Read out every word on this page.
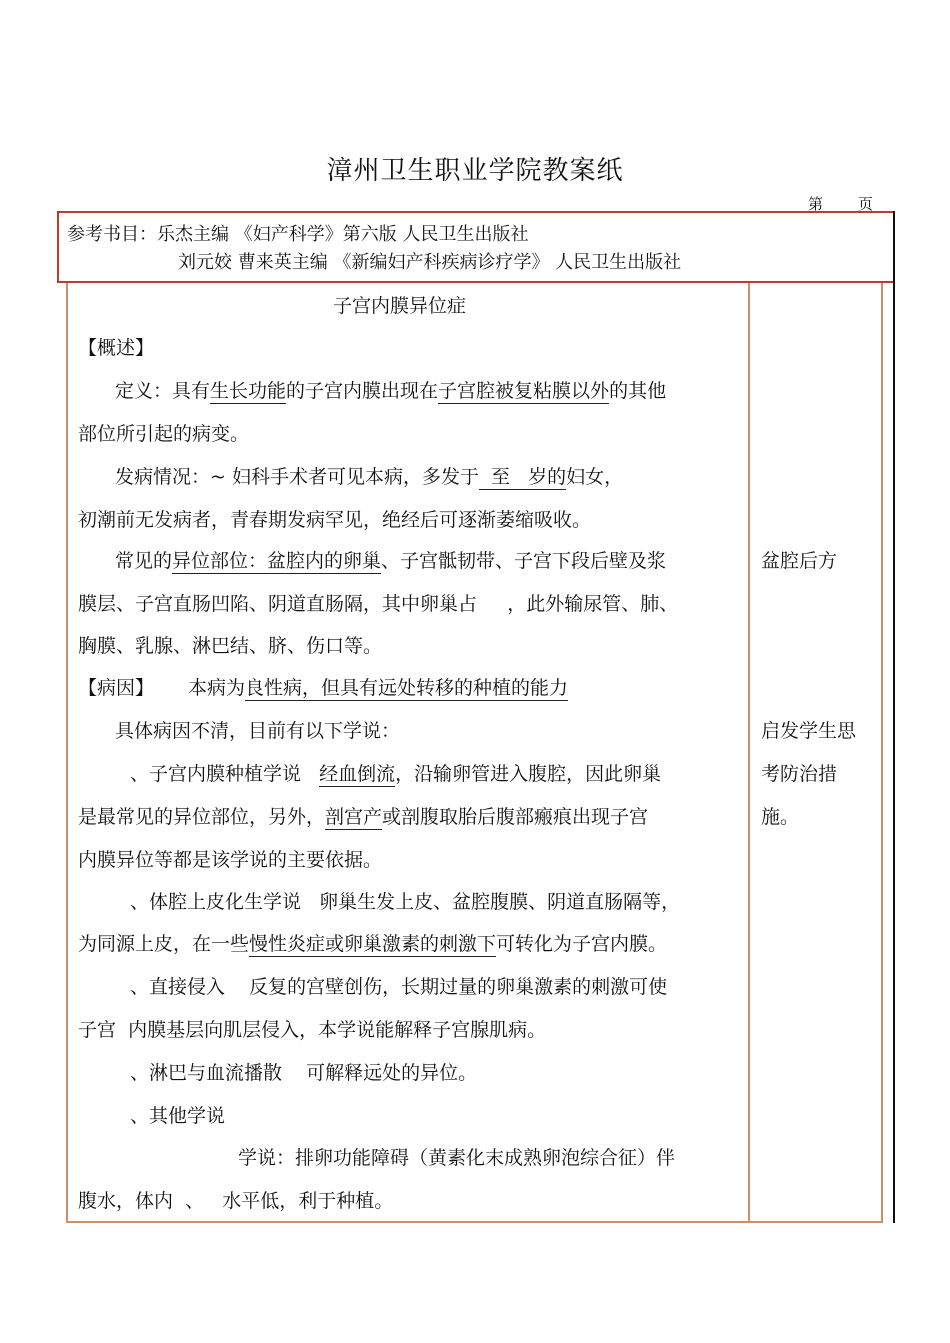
漳州卫生职业学院教案纸
第 页
参考书目：乐杰主编 《妇产科学》第六版 人民卫生出版社
刘元姣 曹来英主编 《新编妇产科疾病诊疗学》 人民卫生出版社
子宫内膜异位症
【概述】
定义：具有生长功能的子宫内膜出现在子宫腔被复粘膜以外的其他
部位所引起的病变。
发病情况：~ 妇科手术者可见本病，多发于  至   岁的妇女，
初潮前无发病者，青春期发病罕见，绝经后可逐渐萎缩吸收。
常见的异位部位：盆腔内的卵巢、子宫骶韧带、子宫下段后壁及浆
膜层、子宫直肠凹陷、阴道直肠隔，其中卵巢占     ，此外输尿管、肺、
胸膜、乳腺、淋巴结、脐、伤口等。
【病因】 本病为良性病，但具有远处转移的种植的能力
具体病因不清，目前有以下学说：
、子宫内膜种植学说   经血倒流，沿输卵管进入腹腔，因此卵巢
是最常见的异位部位，另外，剖宫产或剖腹取胎后腹部瘢痕出现子宫
内膜异位等都是该学说的主要依据。
、体腔上皮化生学说   卵巢生发上皮、盆腔腹膜、阴道直肠隔等，
为同源上皮，在一些慢性炎症或卵巢激素的刺激下可转化为子宫内膜。
、直接侵入    反复的宫壁创伤，长期过量的卵巢激素的刺激可使
子宫  内膜基层向肌层侵入，本学说能解释子宫腺肌病。
、淋巴与血流播散    可解释远处的异位。
、其他学说
学说：排卵功能障碍（黄素化末成熟卵泡综合征）伴
腹水，体内  、   水平低，利于种植。
盆腔后方
启发学生思
考防治措
施。
